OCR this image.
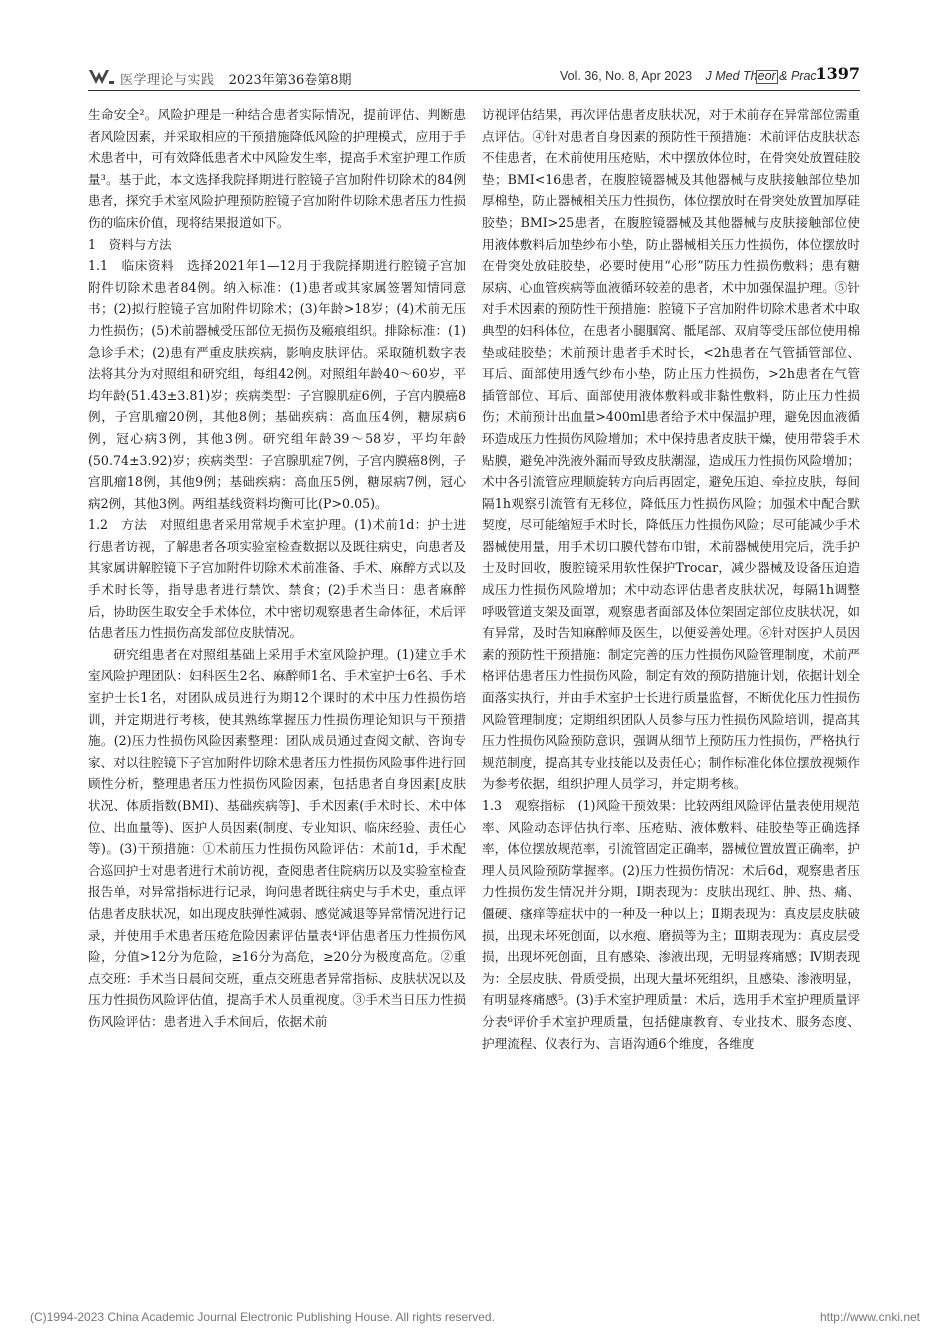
医学理论与实践 2023年第36卷第8期	Vol. 36, No. 8, Apr 2023 J Med Theor & Prac
1397

生命安全²。风险护理是一种结合患者实际情况，提前评估、判断患者风险因素，并采取相应的干预措施降低风险的护理模式，应用于手术患者中，可有效降低患者术中风险发生率，提高手术室护理工作质量³。基于此，本文选择我院择期进行腔镜子宫加附件切除术的84例患者，探究手术室风险护理预防腔镜子宫加附件切除术患者压力性损伤的临床价值，现将结果报道如下。

1　资料与方法

1.1　临床资料　选择2021年1—12月于我院择期进行腔镜子宫加附件切除术患者84例。纳入标准：(1)患者或其家属签署知情同意书；(2)拟行腔镜子宫加附件切除术；(3)年龄>18岁；(4)术前无压力性损伤；(5)术前器械受压部位无损伤及瘢痕组织。排除标准：(1)急诊手术；(2)患有严重皮肤疾病，影响皮肤评估。采取随机数字表法将其分为对照组和研究组，每组42例。对照组年龄40～60岁，平均年龄(51.43±3.81)岁；疾病类型：子宫腺肌症6例，子宫内膜癌8例，子宫肌瘤20例，其他8例；基础疾病：高血压4例，糖尿病6例，冠心病3例，其他3例。研究组年龄39～58岁，平均年龄(50.74±3.92)岁；疾病类型：子宫腺肌症7例，子宫内膜癌8例，子宫肌瘤18例，其他9例；基础疾病：高血压5例，糖尿病7例，冠心病2例，其他3例。两组基线资料均衡可比(P>0.05)。

1.2　方法　对照组患者采用常规手术室护理。(1)术前1d：护士进行患者访视，了解患者各项实验室检查数据以及既往病史，向患者及其家属讲解腔镜下子宫加附件切除术术前准备、手术、麻醉方式以及手术时长等，指导患者进行禁饮、禁食；(2)手术当日：患者麻醉后，协助医生取安全手术体位，术中密切观察患者生命体征，术后评估患者压力性损伤高发部位皮肤情况。

研究组患者在对照组基础上采用手术室风险护理。(1)建立手术室风险护理团队：妇科医生2名、麻醉师1名、手术室护士6名、手术室护士长1名，对团队成员进行为期12个课时的术中压力性损伤培训，并定期进行考核，使其熟练掌握压力性损伤理论知识与干预措施。(2)压力性损伤风险因素整理：团队成员通过查阅文献、咨询专家、对以往腔镜下子宫加附件切除术患者压力性损伤风险事件进行回顾性分析，整理患者压力性损伤风险因素，包括患者自身因素[皮肤状况、体质指数(BMI)、基础疾病等]、手术因素(手术时长、术中体位、出血量等)、医护人员因素(制度、专业知识、临床经验、责任心等)。(3)干预措施：①术前压力性损伤风险评估：术前1d，手术配合巡回护士对患者进行术前访视，查阅患者住院病历以及实验室检查报告单，对异常指标进行记录，询问患者既往病史与手术史，重点评估患者皮肤状况，如出现皮肤弹性减弱、感觉减退等异常情况进行记录，并使用手术患者压疮危险因素评估量表⁴评估患者压力性损伤风险，分值>12分为危险，≥16分为高危，≥20分为极度高危。②重点交班：手术当日晨间交班，重点交班患者异常指标、皮肤状况以及压力性损伤风险评估值，提高手术人员重视度。③手术当日压力性损伤风险评估：患者进入手术间后，依据术前

访视评估结果，再次评估患者皮肤状况，对于术前存在异常部位需重点评估。④针对患者自身因素的预防性干预措施：术前评估皮肤状态不佳患者，在术前使用压疮贴，术中摆放体位时，在骨突处放置硅胶垫；BMI<16患者，在腹腔镜器械及其他器械与皮肤接触部位垫加厚棉垫，防止器械相关压力性损伤，体位摆放时在骨突处放置加厚硅胶垫；BMI>25患者，在腹腔镜器械及其他器械与皮肤接触部位使用液体敷料后加垫纱布小垫，防止器械相关压力性损伤，体位摆放时在骨突处放硅胶垫，必要时使用“心形”防压力性损伤敷料；患有糖尿病、心血管疾病等血液循环较差的患者，术中加强保温护理。⑤针对手术因素的预防性干预措施：腔镜下子宫加附件切除术患者术中取典型的妇科体位，在患者小腿腘窝、骶尾部、双肩等受压部位使用棉垫或硅胶垫；术前预计患者手术时长，<2h患者在气管插管部位、耳后、面部使用透气纱布小垫，防止压力性损伤，>2h患者在气管插管部位、耳后、面部使用液体敷料或非黏性敷料，防止压力性损伤；术前预计出血量>400ml患者给予术中保温护理，避免因血液循环造成压力性损伤风险增加；术中保持患者皮肤干燥，使用带袋手术贴膜，避免冲洗液外漏而导致皮肤潮湿，造成压力性损伤风险增加；术中各引流管应理顺旋转方向后再固定，避免压迫、牵拉皮肤，每间隔1h观察引流管有无移位，降低压力性损伤风险；加强术中配合默契度，尽可能缩短手术时长，降低压力性损伤风险；尽可能减少手术器械使用量，用手术切口膜代替布巾钳，术前器械使用完后，洗手护士及时回收，腹腔镜采用软性保护Trocar，减少器械及设备压迫造成压力性损伤风险增加；术中动态评估患者皮肤状况，每隔1h调整呼吸管道支架及面罩，观察患者面部及体位架固定部位皮肤状况，如有异常，及时告知麻醉师及医生，以便妥善处理。⑥针对医护人员因素的预防性干预措施：制定完善的压力性损伤风险管理制度，术前严格评估患者压力性损伤风险，制定有效的预防措施计划，依据计划全面落实执行，并由手术室护士长进行质量监督，不断优化压力性损伤风险管理制度；定期组织团队人员参与压力性损伤风险培训，提高其压力性损伤风险预防意识，强调从细节上预防压力性损伤，严格执行规范制度，提高其专业技能以及责任心；制作标准化体位摆放视频作为参考依据，组织护理人员学习，并定期考核。

1.3　观察指标　(1)风险干预效果：比较两组风险评估量表使用规范率、风险动态评估执行率、压疮贴、液体敷料、硅胶垫等正确选择率，体位摆放规范率，引流管固定正确率，器械位置放置正确率，护理人员风险预防掌握率。(2)压力性损伤情况：术后6d，观察患者压力性损伤发生情况并分期，Ⅰ期表现为：皮肤出现红、肿、热、痛、僵硬、瘙痒等症状中的一种及一种以上；Ⅱ期表现为：真皮层皮肤破损，出现未坏死创面，以水疱、磨损等为主；Ⅲ期表现为：真皮层受损，出现坏死创面，且有感染、渗液出现，无明显疼痛感；Ⅳ期表现为：全层皮肤、骨质受损，出现大量坏死组织，且感染、渗液明显，有明显疼痛感⁵。(3)手术室护理质量：术后，选用手术室护理质量评分表⁶评价手术室护理质量，包括健康教育、专业技术、服务态度、护理流程、仪表行为、言语沟通6个维度，各维度

(C)1994-2023 China Academic Journal Electronic Publishing House. All rights reserved.	http://www.cnki.net
